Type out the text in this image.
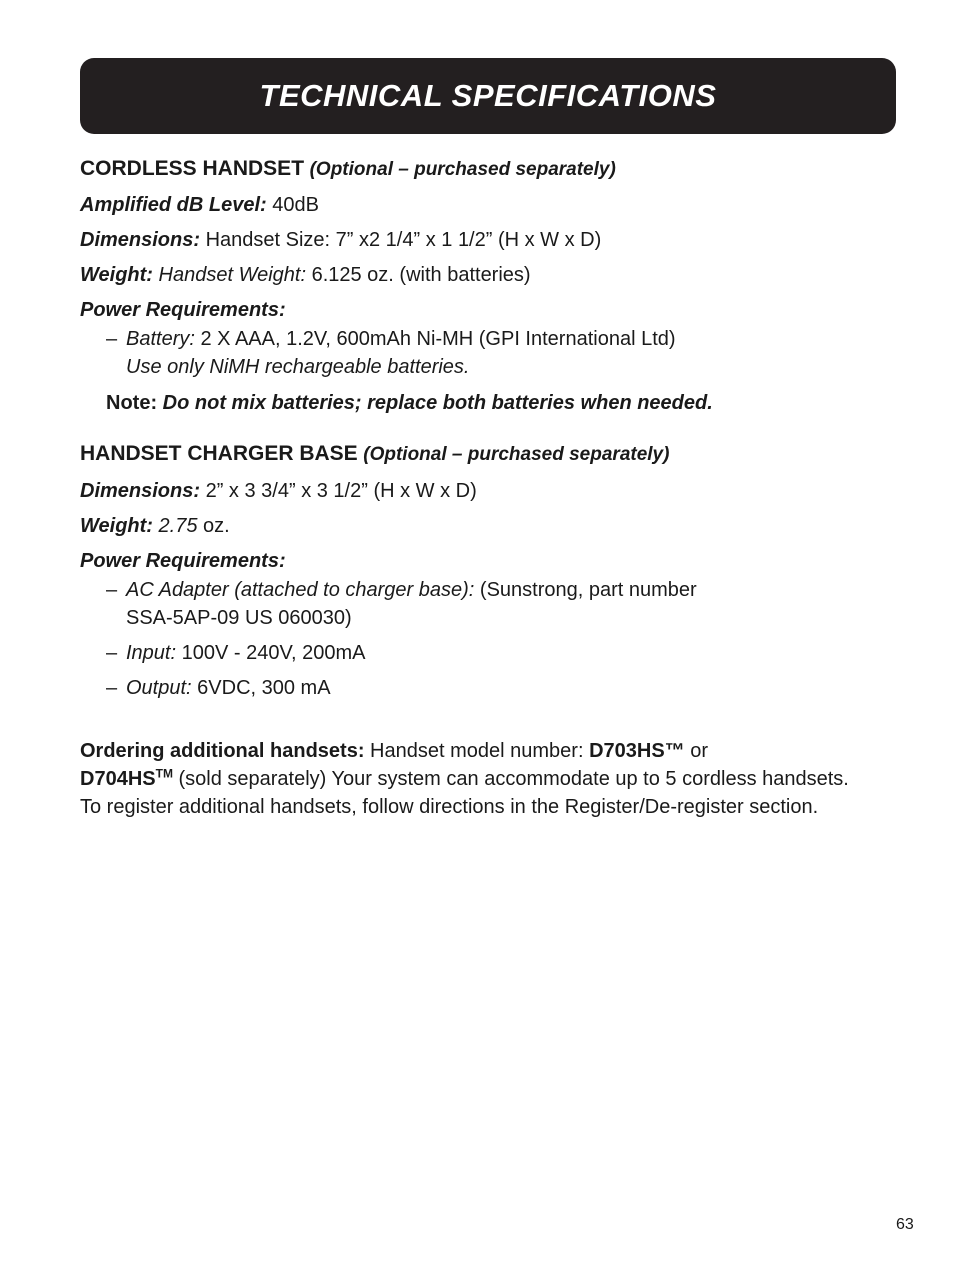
TECHNICAL SPECIFICATIONS

CORDLESS HANDSET (Optional – purchased separately)

Amplified dB Level: 40dB

Dimensions: Handset Size: 7” x2 1/4” x 1 1/2” (H x W x D)

Weight: Handset Weight: 6.125 oz. (with batteries)

Power Requirements:

– Battery: 2 X AAA, 1.2V, 600mAh Ni-MH (GPI International Ltd)

Use only NiMH rechargeable batteries.

Note: Do not mix batteries; replace both batteries when needed.

HANDSET CHARGER BASE (Optional – purchased separately)

Dimensions: 2” x 3 3/4” x 3 1/2” (H x W x D)

Weight: 2.75 oz.

Power Requirements:

– AC Adapter (attached to charger base): (Sunstrong, part number

SSA-5AP-09 US 060030)

– Input: 100V - 240V, 200mA

– Output: 6VDC, 300 mA

Ordering additional handsets: Handset model number: D703HS™ or

D704HS™ (sold separately) Your system can accommodate up to 5 cordless handsets.

To register additional handsets, follow directions in the Register/De-register section.

63
